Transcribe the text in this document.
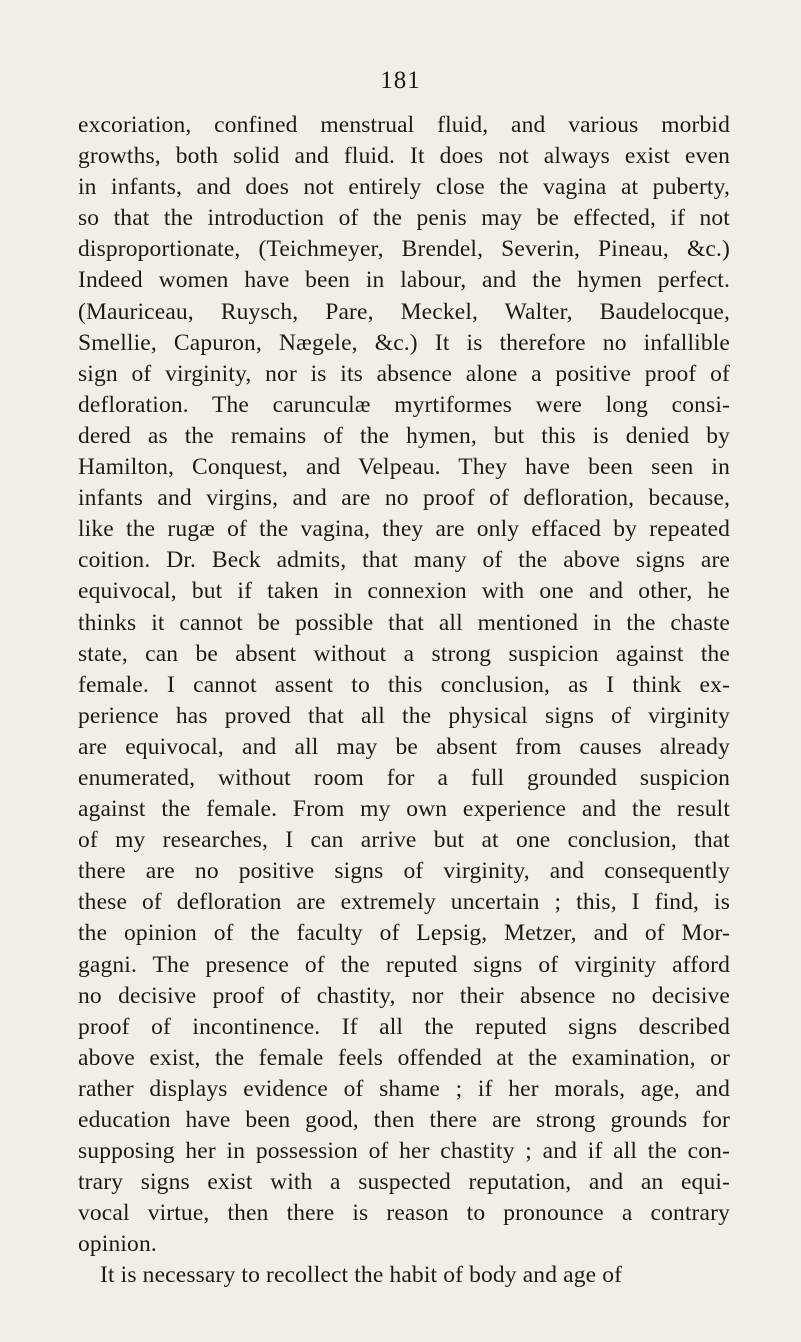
181
excoriation, confined menstrual fluid, and various morbid
growths, both solid and fluid. It does not always exist even
in infants, and does not entirely close the vagina at puberty,
so that the introduction of the penis may be effected, if not
disproportionate, (Teichmeyer, Brendel, Severin, Pineau, &c.)
Indeed women have been in labour, and the hymen perfect.
(Mauriceau, Ruysch, Pare, Meckel, Walter, Baudelocque,
Smellie, Capuron, Nægele, &c.) It is therefore no infallible
sign of virginity, nor is its absence alone a positive proof of
defloration. The carunculæ myrtiformes were long consi-
dered as the remains of the hymen, but this is denied by
Hamilton, Conquest, and Velpeau. They have been seen in
infants and virgins, and are no proof of defloration, because,
like the rugæ of the vagina, they are only effaced by repeated
coition. Dr. Beck admits, that many of the above signs are
equivocal, but if taken in connexion with one and other, he
thinks it cannot be possible that all mentioned in the chaste
state, can be absent without a strong suspicion against the
female. I cannot assent to this conclusion, as I think ex-
perience has proved that all the physical signs of virginity
are equivocal, and all may be absent from causes already
enumerated, without room for a full grounded suspicion
against the female. From my own experience and the result
of my researches, I can arrive but at one conclusion, that
there are no positive signs of virginity, and consequently
these of defloration are extremely uncertain ; this, I find, is
the opinion of the faculty of Lepsig, Metzer, and of Mor-
gagni. The presence of the reputed signs of virginity afford
no decisive proof of chastity, nor their absence no decisive
proof of incontinence. If all the reputed signs described
above exist, the female feels offended at the examination, or
rather displays evidence of shame ; if her morals, age, and
education have been good, then there are strong grounds for
supposing her in possession of her chastity ; and if all the con-
trary signs exist with a suspected reputation, and an equi-
vocal virtue, then there is reason to pronounce a contrary
opinion.
It is necessary to recollect the habit of body and age of
